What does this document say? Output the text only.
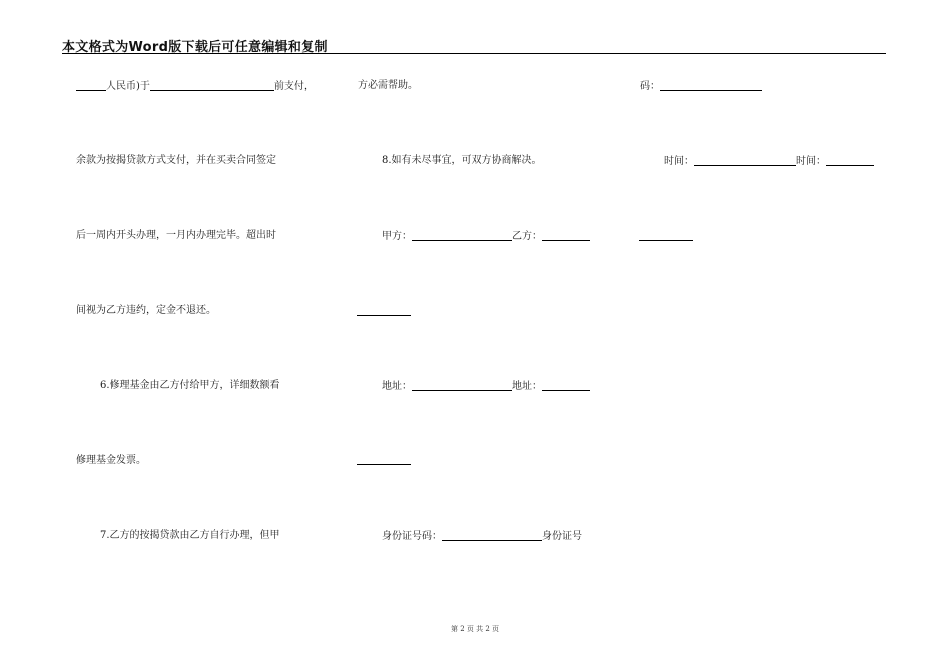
本文格式为Word版下载后可任意编辑和复制
人民币)于	前支付，
余款为按揭贷款方式支付，并在买卖合同签定
后一周内开头办理，一月内办理完毕。超出时
间视为乙方违约，定金不退还。
6.修理基金由乙方付给甲方，详细数额看
修理基金发票。
7.乙方的按揭贷款由乙方自行办理，但甲
方必需帮助。
8.如有未尽事宜，可双方协商解决。
甲方：	乙方：
地址：	地址：
身份证号码：	身份证号
码：
时间：	时间：
第 2 页 共 2 页
